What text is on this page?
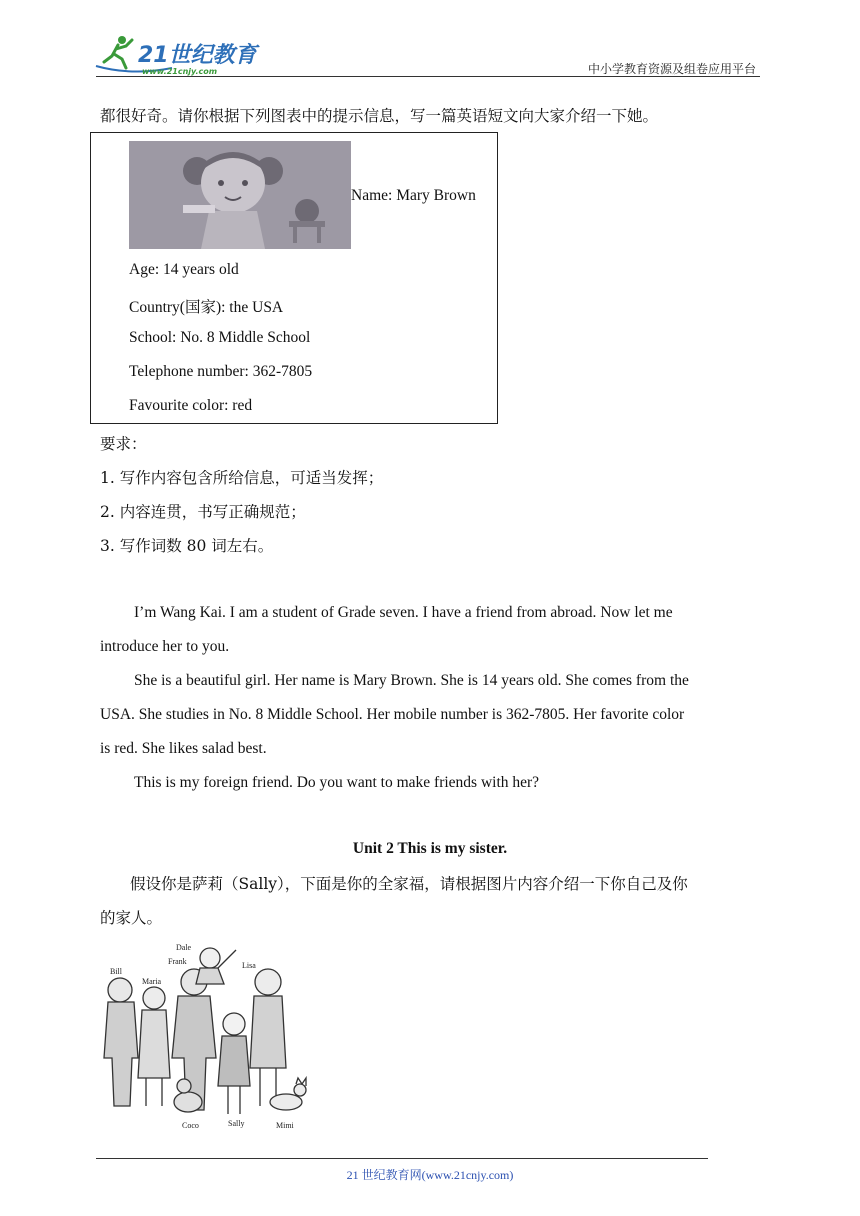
21世纪教育
www.21cnjy.com	中小学教育资源及组卷应用平台
都很好奇。请你根据下列图表中的提示信息，写一篇英语短文向大家介绍一下她。
Name: Mary Brown
Age: 14 years old
Country(国家): the USA
School: No. 8 Middle School
Telephone number: 362-7805
Favourite color: red
要求：
1. 写作内容包含所给信息，可适当发挥；
2. 内容连贯，书写正确规范；
3. 写作词数 80 词左右。
I’m Wang Kai. I am a student of Grade seven. I have a friend from abroad. Now let me
introduce her to you.
She is a beautiful girl. Her name is Mary Brown. She is 14 years old. She comes from the
USA. She studies in No. 8 Middle School. Her mobile number is 362-7805. Her favorite color
is red. She likes salad best.
This is my foreign friend. Do you want to make friends with her?
Unit 2 This is my sister.
假设你是萨莉（Sally），下面是你的全家福，请根据图片内容介绍一下你自己及你
的家人。
Dale
Frank	Lisa
Bill
Maria
Coco	Sally	Mimi
21 世纪教育网(www.21cnjy.com)
